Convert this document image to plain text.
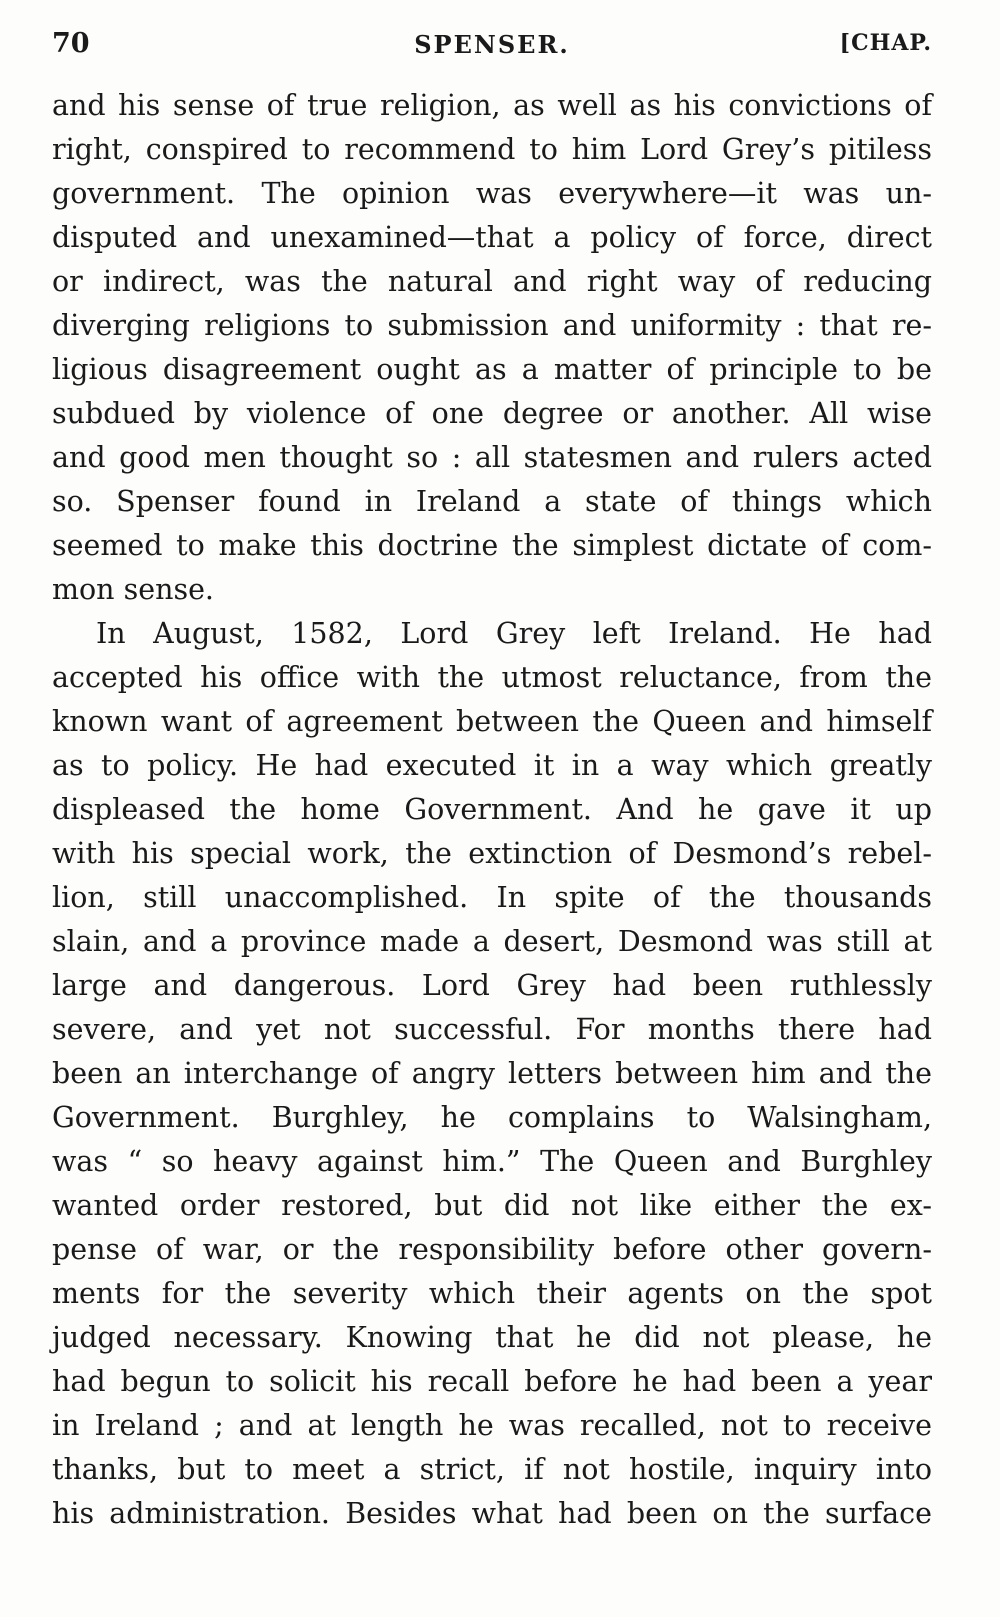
70	SPENSER.	[CHAP.
and his sense of true religion, as well as his convictions of
right, conspired to recommend to him Lord Grey’s pitiless
government. The opinion was everywhere—it was un-
disputed and unexamined—that a policy of force, direct
or indirect, was the natural and right way of reducing
diverging religions to submission and uniformity : that re-
ligious disagreement ought as a matter of principle to be
subdued by violence of one degree or another. All wise
and good men thought so : all statesmen and rulers acted
so. Spenser found in Ireland a state of things which
seemed to make this doctrine the simplest dictate of com-
mon sense.
In August, 1582, Lord Grey left Ireland. He had
accepted his office with the utmost reluctance, from the
known want of agreement between the Queen and himself
as to policy. He had executed it in a way which greatly
displeased the home Government. And he gave it up
with his special work, the extinction of Desmond’s rebel-
lion, still unaccomplished. In spite of the thousands
slain, and a province made a desert, Desmond was still at
large and dangerous. Lord Grey had been ruthlessly
severe, and yet not successful. For months there had
been an interchange of angry letters between him and the
Government. Burghley, he complains to Walsingham,
was “ so heavy against him.” The Queen and Burghley
wanted order restored, but did not like either the ex-
pense of war, or the responsibility before other govern-
ments for the severity which their agents on the spot
judged necessary. Knowing that he did not please, he
had begun to solicit his recall before he had been a year
in Ireland ; and at length he was recalled, not to receive
thanks, but to meet a strict, if not hostile, inquiry into
his administration. Besides what had been on the surface
